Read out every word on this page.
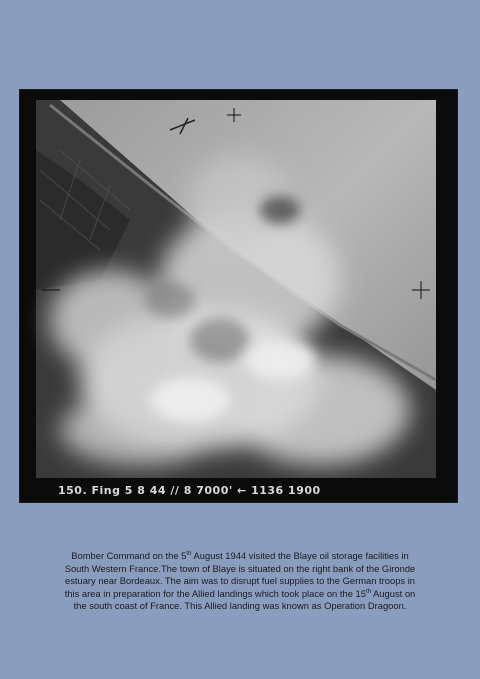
150. Fing 5 8 44 // 8 7000' ← 1136 1900
Bomber Command on the 5th August 1944 visited the Blaye oil storage facilities in
South Western France.The town of Blaye is situated on the right bank of the Gironde
estuary near Bordeaux. The aim was to disrupt fuel supplies to the German troops in
this area in preparation for the Allied landings which took place on the 15th August on
the south coast of France. This Allied landing was known as Operation Dragoon.
